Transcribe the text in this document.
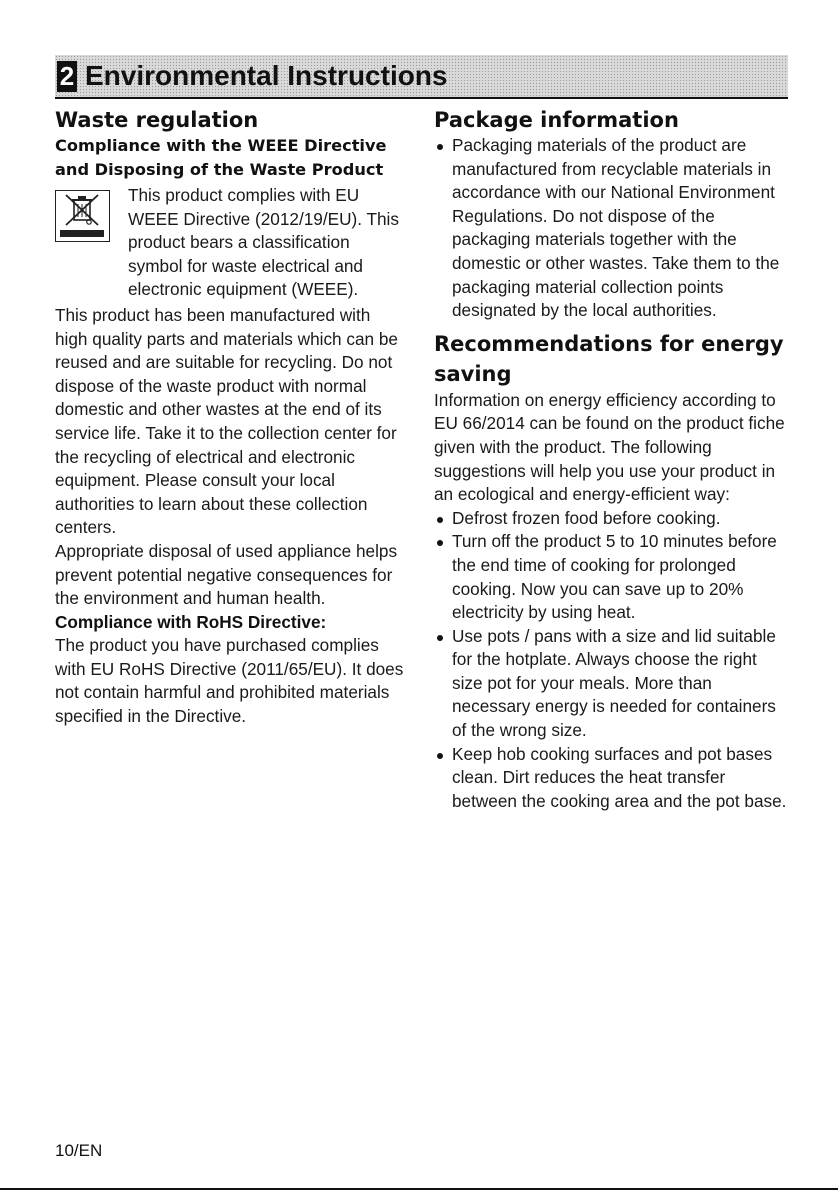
2 Environmental Instructions
Waste regulation
Compliance with the WEEE Directive and Disposing of the Waste Product

This product complies with EU WEEE Directive (2012/19/EU). This product bears a classification symbol for waste electrical and electronic equipment (WEEE).

This product has been manufactured with high quality parts and materials which can be reused and are suitable for recycling. Do not dispose of the waste product with normal domestic and other wastes at the end of its service life. Take it to the collection center for the recycling of electrical and electronic equipment. Please consult your local authorities to learn about these collection centers.

Appropriate disposal of used appliance helps prevent potential negative consequences for the environment and human health.

Compliance with RoHS Directive:

The product you have purchased complies with EU RoHS Directive (2011/65/EU). It does not contain harmful and prohibited materials specified in the Directive.

Package information
Packaging materials of the product are manufactured from recyclable materials in accordance with our National Environment Regulations. Do not dispose of the packaging materials together with the domestic or other wastes. Take them to the packaging material collection points designated by the local authorities.
Recommendations for energy saving

Information on energy efficiency according to EU 66/2014 can be found on the product fiche given with the product. The following suggestions will help you use your product in an ecological and energy-efficient way:

Defrost frozen food before cooking.
Turn off the product 5 to 10 minutes before the end time of cooking for prolonged cooking. Now you can save up to 20% electricity by using heat.
Use pots / pans with a size and lid suitable for the hotplate. Always choose the right size pot for your meals. More than necessary energy is needed for containers of the wrong size.
Keep hob cooking surfaces and pot bases clean. Dirt reduces the heat transfer between the cooking area and the pot base.
10/EN
